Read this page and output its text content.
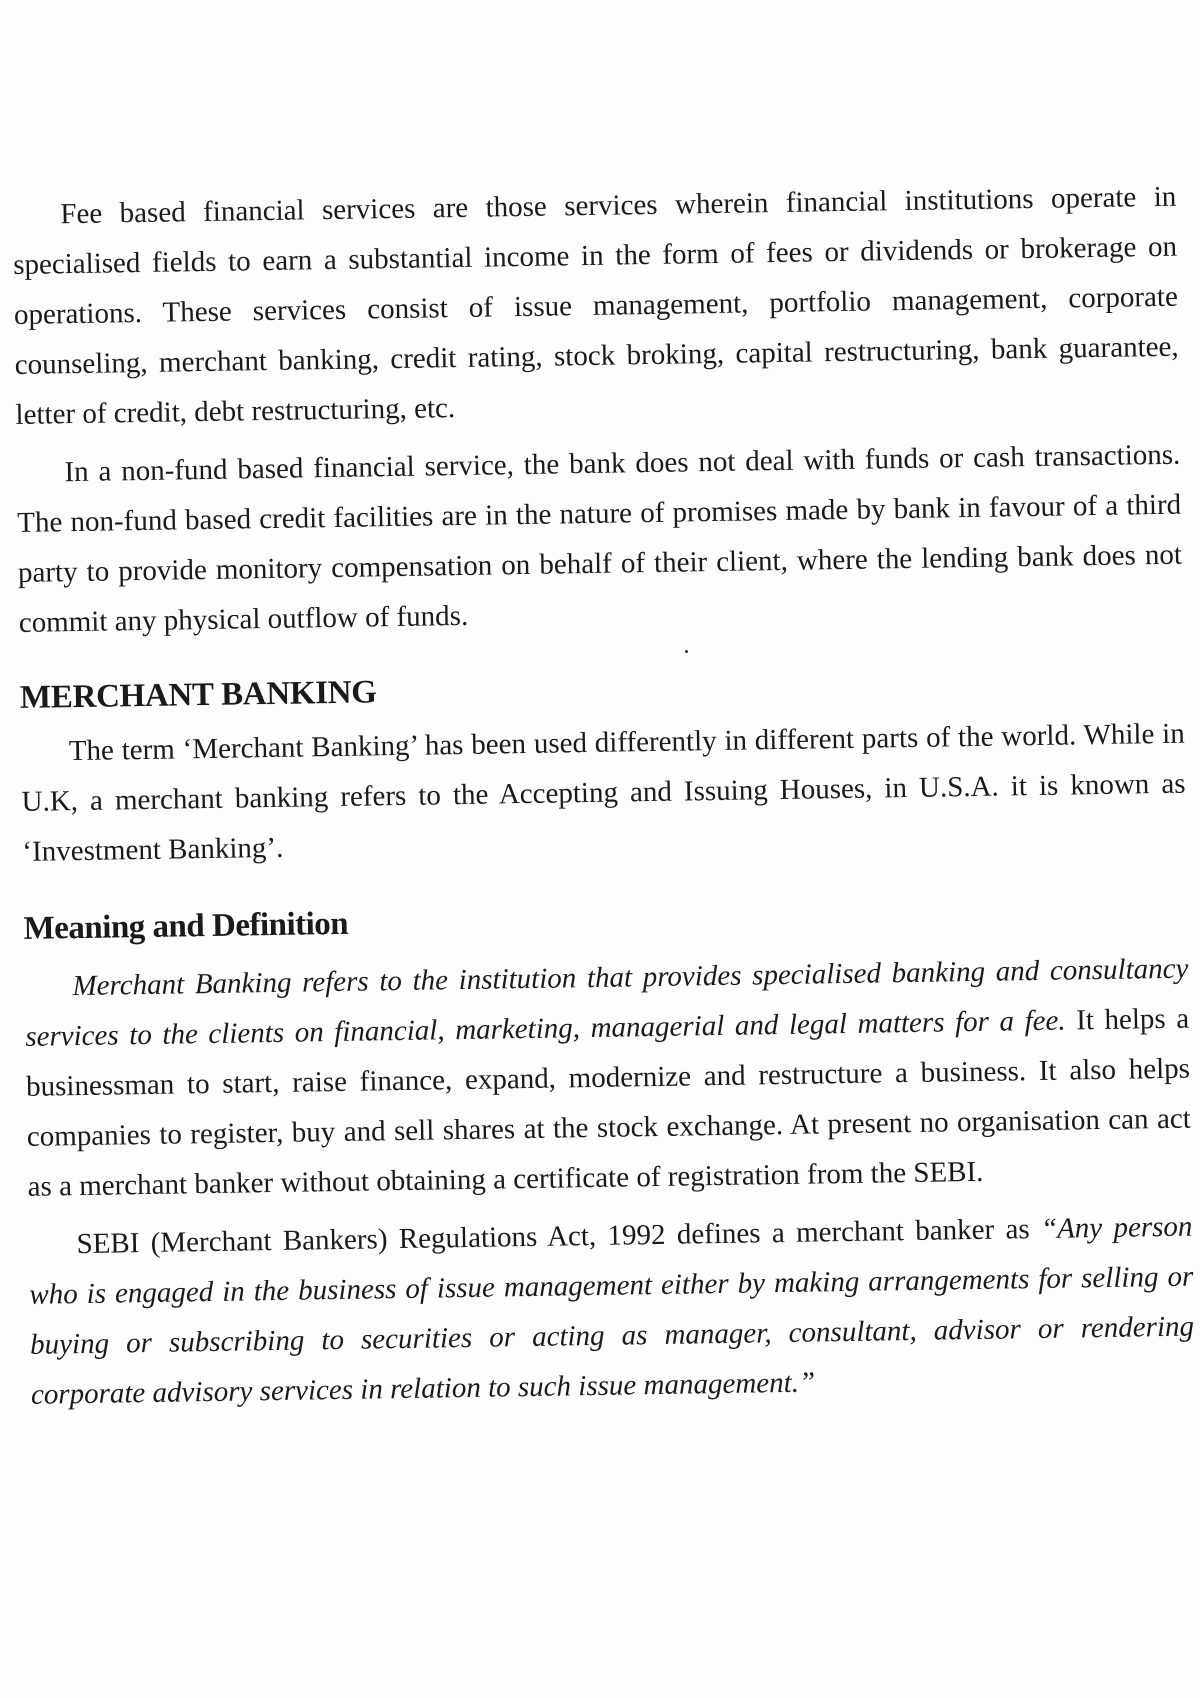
Fee based financial services are those services wherein financial institutions operate in specialised fields to earn a substantial income in the form of fees or dividends or brokerage on operations. These services consist of issue management, portfolio management, corporate counseling, merchant banking, credit rating, stock broking, capital restructuring, bank guarantee, letter of credit, debt restructuring, etc.

In a non-fund based financial service, the bank does not deal with funds or cash transactions. The non-fund based credit facilities are in the nature of promises made by bank in favour of a third party to provide monitory compensation on behalf of their client, where the lending bank does not commit any physical outflow of funds.

MERCHANT BANKING

The term ‘Merchant Banking’ has been used differently in different parts of the world. While in U.K, a merchant banking refers to the Accepting and Issuing Houses, in U.S.A. it is known as ‘Investment Banking’.

Meaning and Definition

Merchant Banking refers to the institution that provides specialised banking and consultancy services to the clients on financial, marketing, managerial and legal matters for a fee. It helps a businessman to start, raise finance, expand, modernize and restructure a business. It also helps companies to register, buy and sell shares at the stock exchange. At present no organisation can act as a merchant banker without obtaining a certificate of registration from the SEBI.

SEBI (Merchant Bankers) Regulations Act, 1992 defines a merchant banker as “Any person who is engaged in the business of issue management either by making arrangements for selling or buying or subscribing to securities or acting as manager, consultant, advisor or rendering corporate advisory services in relation to such issue management.”
